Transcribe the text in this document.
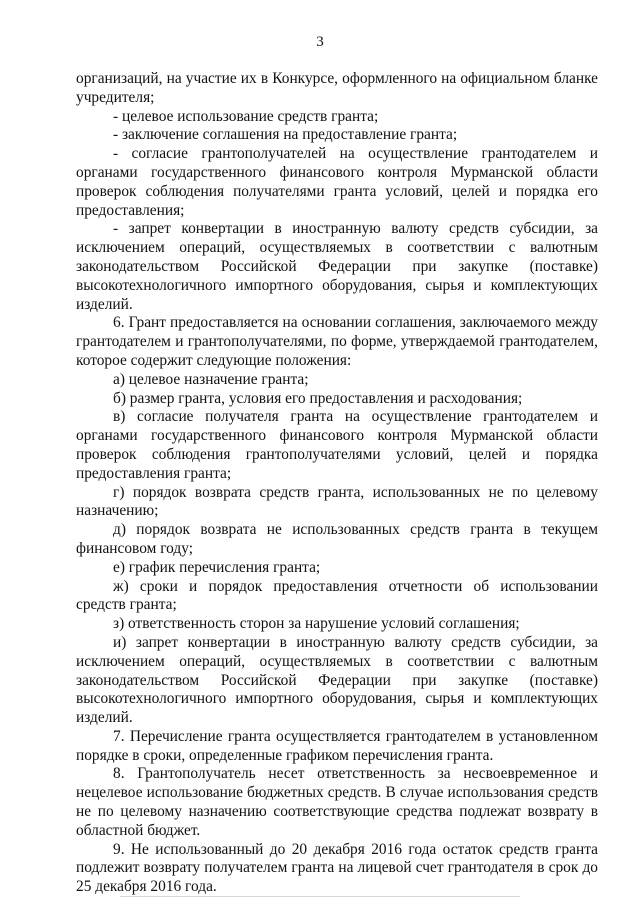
3

организаций, на участие их в Конкурсе, оформленного на официальном бланке учредителя;

- целевое использование средств гранта;

- заключение соглашения на предоставление гранта;

- согласие грантополучателей на осуществление грантодателем и органами государственного финансового контроля Мурманской области проверок соблюдения получателями гранта условий, целей и порядка его предоставления;

- запрет конвертации в иностранную валюту средств субсидии, за исключением операций, осуществляемых в соответствии с валютным законодательством Российской Федерации при закупке (поставке) высокотехнологичного импортного оборудования, сырья и комплектующих изделий.

6. Грант предоставляется на основании соглашения, заключаемого между грантодателем и грантополучателями, по форме, утверждаемой грантодателем, которое содержит следующие положения:

а) целевое назначение гранта;

б) размер гранта, условия его предоставления и расходования;

в) согласие получателя гранта на осуществление грантодателем и органами государственного финансового контроля Мурманской области проверок соблюдения грантополучателями условий, целей и порядка предоставления гранта;

г) порядок возврата средств гранта, использованных не по целевому назначению;

д) порядок возврата не использованных средств гранта в текущем финансовом году;

е) график перечисления гранта;

ж) сроки и порядок предоставления отчетности об использовании средств гранта;

з) ответственность сторон за нарушение условий соглашения;

и) запрет конвертации в иностранную валюту средств субсидии, за исключением операций, осуществляемых в соответствии с валютным законодательством Российской Федерации при закупке (поставке) высокотехнологичного импортного оборудования, сырья и комплектующих изделий.

7. Перечисление гранта осуществляется грантодателем в установленном порядке в сроки, определенные графиком перечисления гранта.

8. Грантополучатель несет ответственность за несвоевременное и нецелевое использование бюджетных средств. В случае использования средств не по целевому назначению соответствующие средства подлежат возврату в областной бюджет.

9. Не использованный до 20 декабря 2016 года остаток средств гранта подлежит возврату получателем гранта на лицевой счет грантодателя в срок до 25 декабря 2016 года.
